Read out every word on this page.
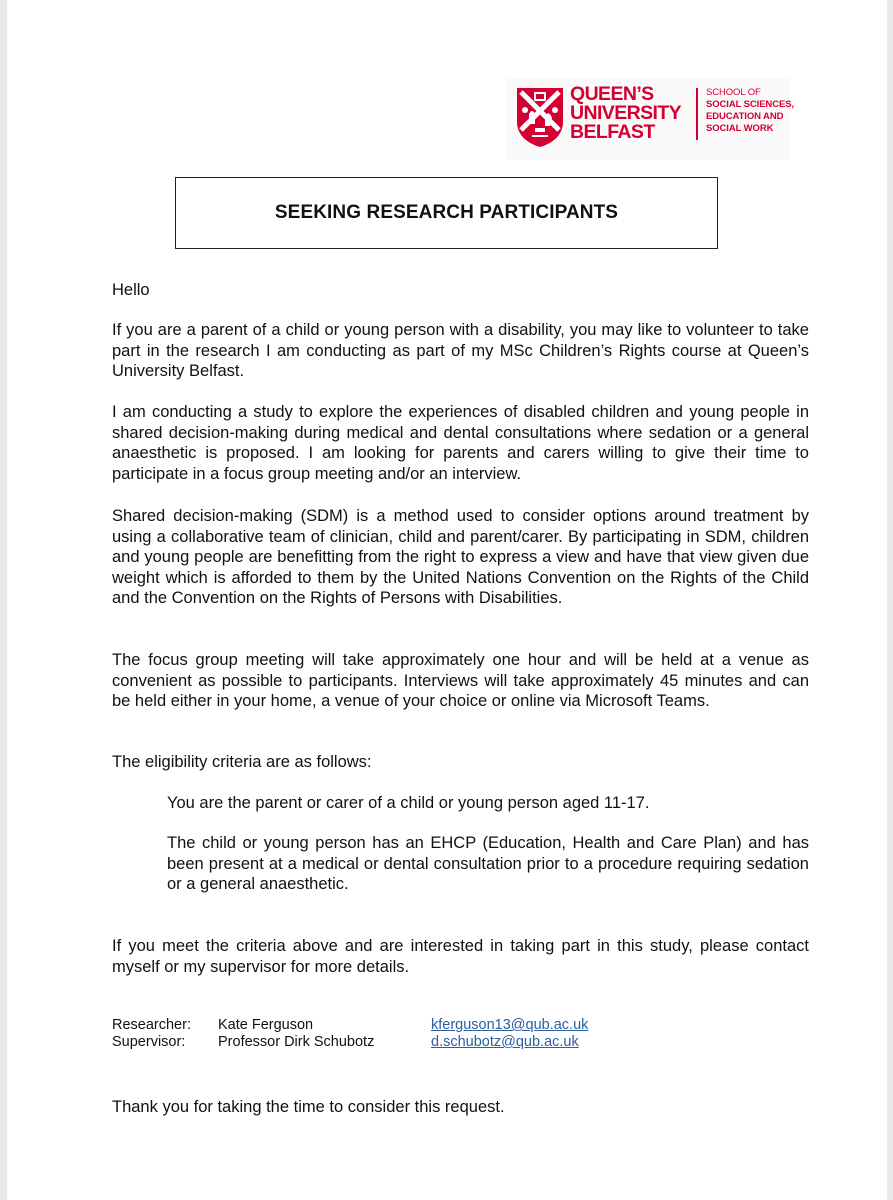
QUEEN’S
UNIVERSITY
BELFAST
SCHOOL OF
SOCIAL SCIENCES,
EDUCATION AND
SOCIAL WORK
SEEKING RESEARCH PARTICIPANTS

Hello

If you are a parent of a child or young person with a disability, you may like to volunteer to take part in the research I am conducting as part of my MSc Children’s Rights course at Queen’s University Belfast.

I am conducting a study to explore the experiences of disabled children and young people in shared decision-making during medical and dental consultations where sedation or a general anaesthetic is proposed. I am looking for parents and carers willing to give their time to participate in a focus group meeting and/or an interview.

Shared decision-making (SDM) is a method used to consider options around treatment by using a collaborative team of clinician, child and parent/carer. By participating in SDM, children and young people are benefitting from the right to express a view and have that view given due weight which is afforded to them by the United Nations Convention on the Rights of the Child and the Convention on the Rights of Persons with Disabilities.

The focus group meeting will take approximately one hour and will be held at a venue as convenient as possible to participants. Interviews will take approximately 45 minutes and can be held either in your home, a venue of your choice or online via Microsoft Teams.

The eligibility criteria are as follows:

You are the parent or carer of a child or young person aged 11-17.

The child or young person has an EHCP (Education, Health and Care Plan) and has been present at a medical or dental consultation prior to a procedure requiring sedation or a general anaesthetic.

If you meet the criteria above and are interested in taking part in this study, please contact myself or my supervisor for more details.

Researcher: Kate Ferguson	kferguson13@qub.ac.uk
Supervisor: Professor Dirk Schubotz	d.schubotz@qub.ac.uk

Thank you for taking the time to consider this request.
